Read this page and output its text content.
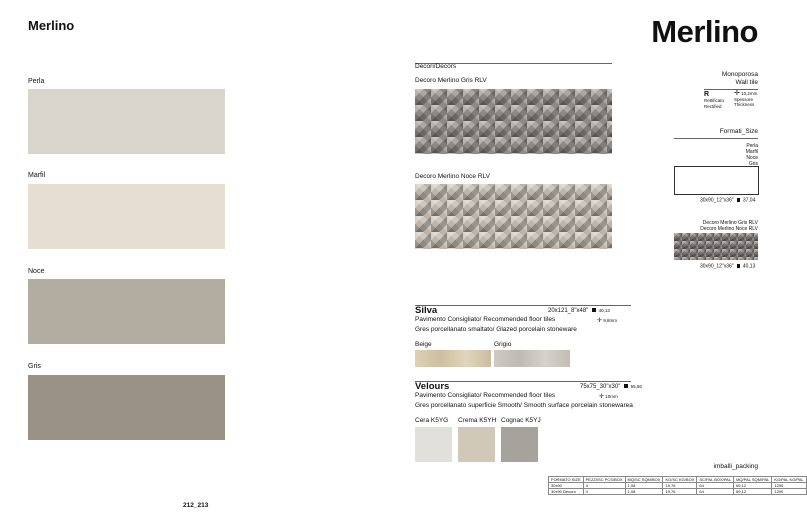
Merlino
Perla
Marfil
Noce
Gris
212_213
Decori/Decors
Decoro Merlino Gris RLV
Decoro Merlino Noce RLV
Silva	20x121_8"x48" 40,13
Pavimento Consigliato/ Recommended floor tiles	✛ 9,8mm
Gres porcellanato smaltato/ Glazed porcelain stoneware
Beige	Grigio
Velours	75x75_30"x30" 55,56
Pavimento Consigliato/ Recommended floor tiles	✛ 10mm
Gres porcellanato superficie Smooth/ Smooth surface porcelain stonewarea
Cera K5YG Crema K5YH Cognac K5YJ
Merlino
Monoporosa
Wall tile
R
Rettificato
Rectified
✛ 10,2mm
Spessore
Thickness
Formati_Size
Perla
Marfil
Noce
Gris
30x90_12"x36" 37,04
Decoro Merlino Gris RLV
Decoro Merlino Noce RLV
30x90_12"x36" 40,13
imballi_packing
FORMATO SIZE	PEZZI/SC PCS/BOX	MQ/SC SQM/BOX	KG/SC KG/BOX	SC/PAL BOX/PAL	MQ/PAL SQM/PAL	KG/PAL KG/PAL
30x90	4	1,08	19,76	64	69,12	1290
30x90 Decoro	4	1,08	19,76	64	69,12	1290
